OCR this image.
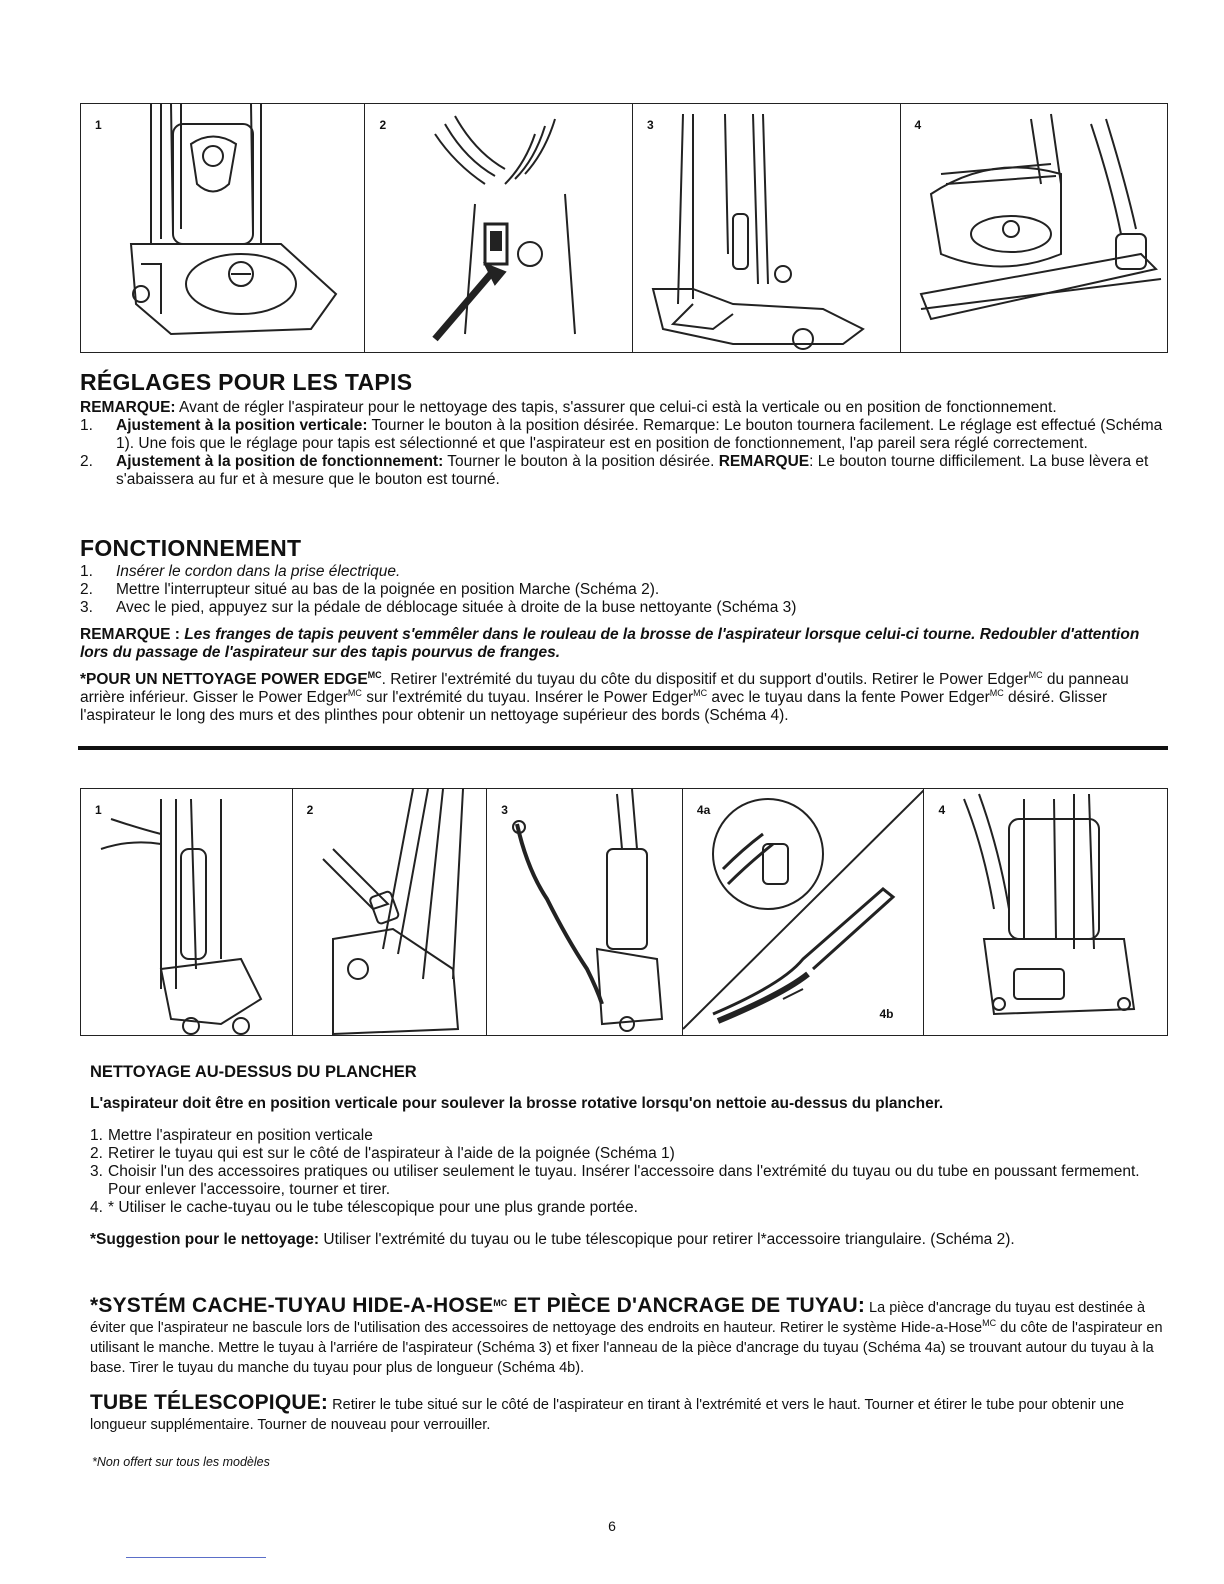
1	2	3	4
RÉGLAGES POUR LES TAPIS

REMARQUE: Avant de régler l'aspirateur pour le nettoyage des tapis, s'assurer que celui-ci està la verticale ou en position de fonctionnement.

1. Ajustement à la position verticale: Tourner le bouton à la position désirée. Remarque: Le bouton tournera facilement. Le réglage est effectué (Schéma 1). Une fois que le réglage pour tapis est sélectionné et que l'aspirateur est en position de fonctionnement, l'ap pareil sera réglé correctement.
2. Ajustement à la position de fonctionnement: Tourner le bouton à la position désirée. REMARQUE: Le bouton tourne difficilement. La buse lèvera et s'abaissera au fur et à mesure que le bouton est tourné.
FONCTIONNEMENT
1. Insérer le cordon dans la prise électrique.
2. Mettre l'interrupteur situé au bas de la poignée en position Marche (Schéma 2).
3. Avec le pied, appuyez sur la pédale de déblocage située à droite de la buse nettoyante (Schéma 3)

REMARQUE : Les franges de tapis peuvent s'emmêler dans le rouleau de la brosse de l'aspirateur lorsque celui-ci tourne. Redoubler d'attention lors du passage de l'aspirateur sur des tapis pourvus de franges.

*POUR UN NETTOYAGE POWER $EDGE^{MC}$. Retirer l'extrémité du tuyau du côte du dispositif et du support d'outils. Retirer le Power Edger$^{MC}$ du panneau arrière inférieur. Gisser le Power Edger$^{MC}$ sur l'extrémité du tuyau. Insérer le Power Edger$^{MC}$ avec le tuyau dans la fente Power Edger$^{MC}$ désiré. Glisser l'aspirateur le long des murs et des plinthes pour obtenir un nettoyage supérieur des bords (Schéma 4).

1	2	3	4a
4b
4

NETTOYAGE AU-DESSUS DU PLANCHER

L'aspirateur doit être en position verticale pour soulever la brosse rotative lorsqu'on nettoie au-dessus du plancher.

1. Mettre l'aspirateur en position verticale
2. Retirer le tuyau qui est sur le côté de l'aspirateur à l'aide de la poignée (Schéma 1)
3. Choisir l'un des accessoires pratiques ou utiliser seulement le tuyau. Insérer l'accessoire dans l'extrémité du tuyau ou du tube en poussant fermement. Pour enlever l'accessoire, tourner et tirer.
4. * Utiliser le cache-tuyau ou le tube télescopique pour une plus grande portée.

*Suggestion pour le nettoyage: Utiliser l'extrémité du tuyau ou le tube télescopique pour retirer l*accessoire triangulaire. (Schéma 2).

*SYSTÉM CACHE-TUYAU HIDE-$A-HOSE^{MC}$ ET PIÈCE D'ANCRAGE DE TUYAU: La pièce d'ancrage du tuyau est destinée à éviter que l'aspirateur ne bascule lors de l'utilisation des accessoires de nettoyage des endroits en hauteur. Retirer le système Hide-a-Hose$^{MC}$ du côte de l'aspirateur en utilisant le manche. Mettre le tuyau à l'arriére de l'aspirateur (Schéma 3) et fixer l'anneau de la pièce d'ancrage du tuyau (Schéma 4a) se trouvant autour du tuyau à la base. Tirer le tuyau du manche du tuyau pour plus de longueur (Schéma 4b).

TUBE TÉLESCOPIQUE: Retirer le tube situé sur le côté de l'aspirateur en tirant à l'extrémité et vers le haut. Tourner et étirer le tube pour obtenir une longueur supplémentaire. Tourner de nouveau pour verrouiller.

*Non offert sur tous les modèles
6
